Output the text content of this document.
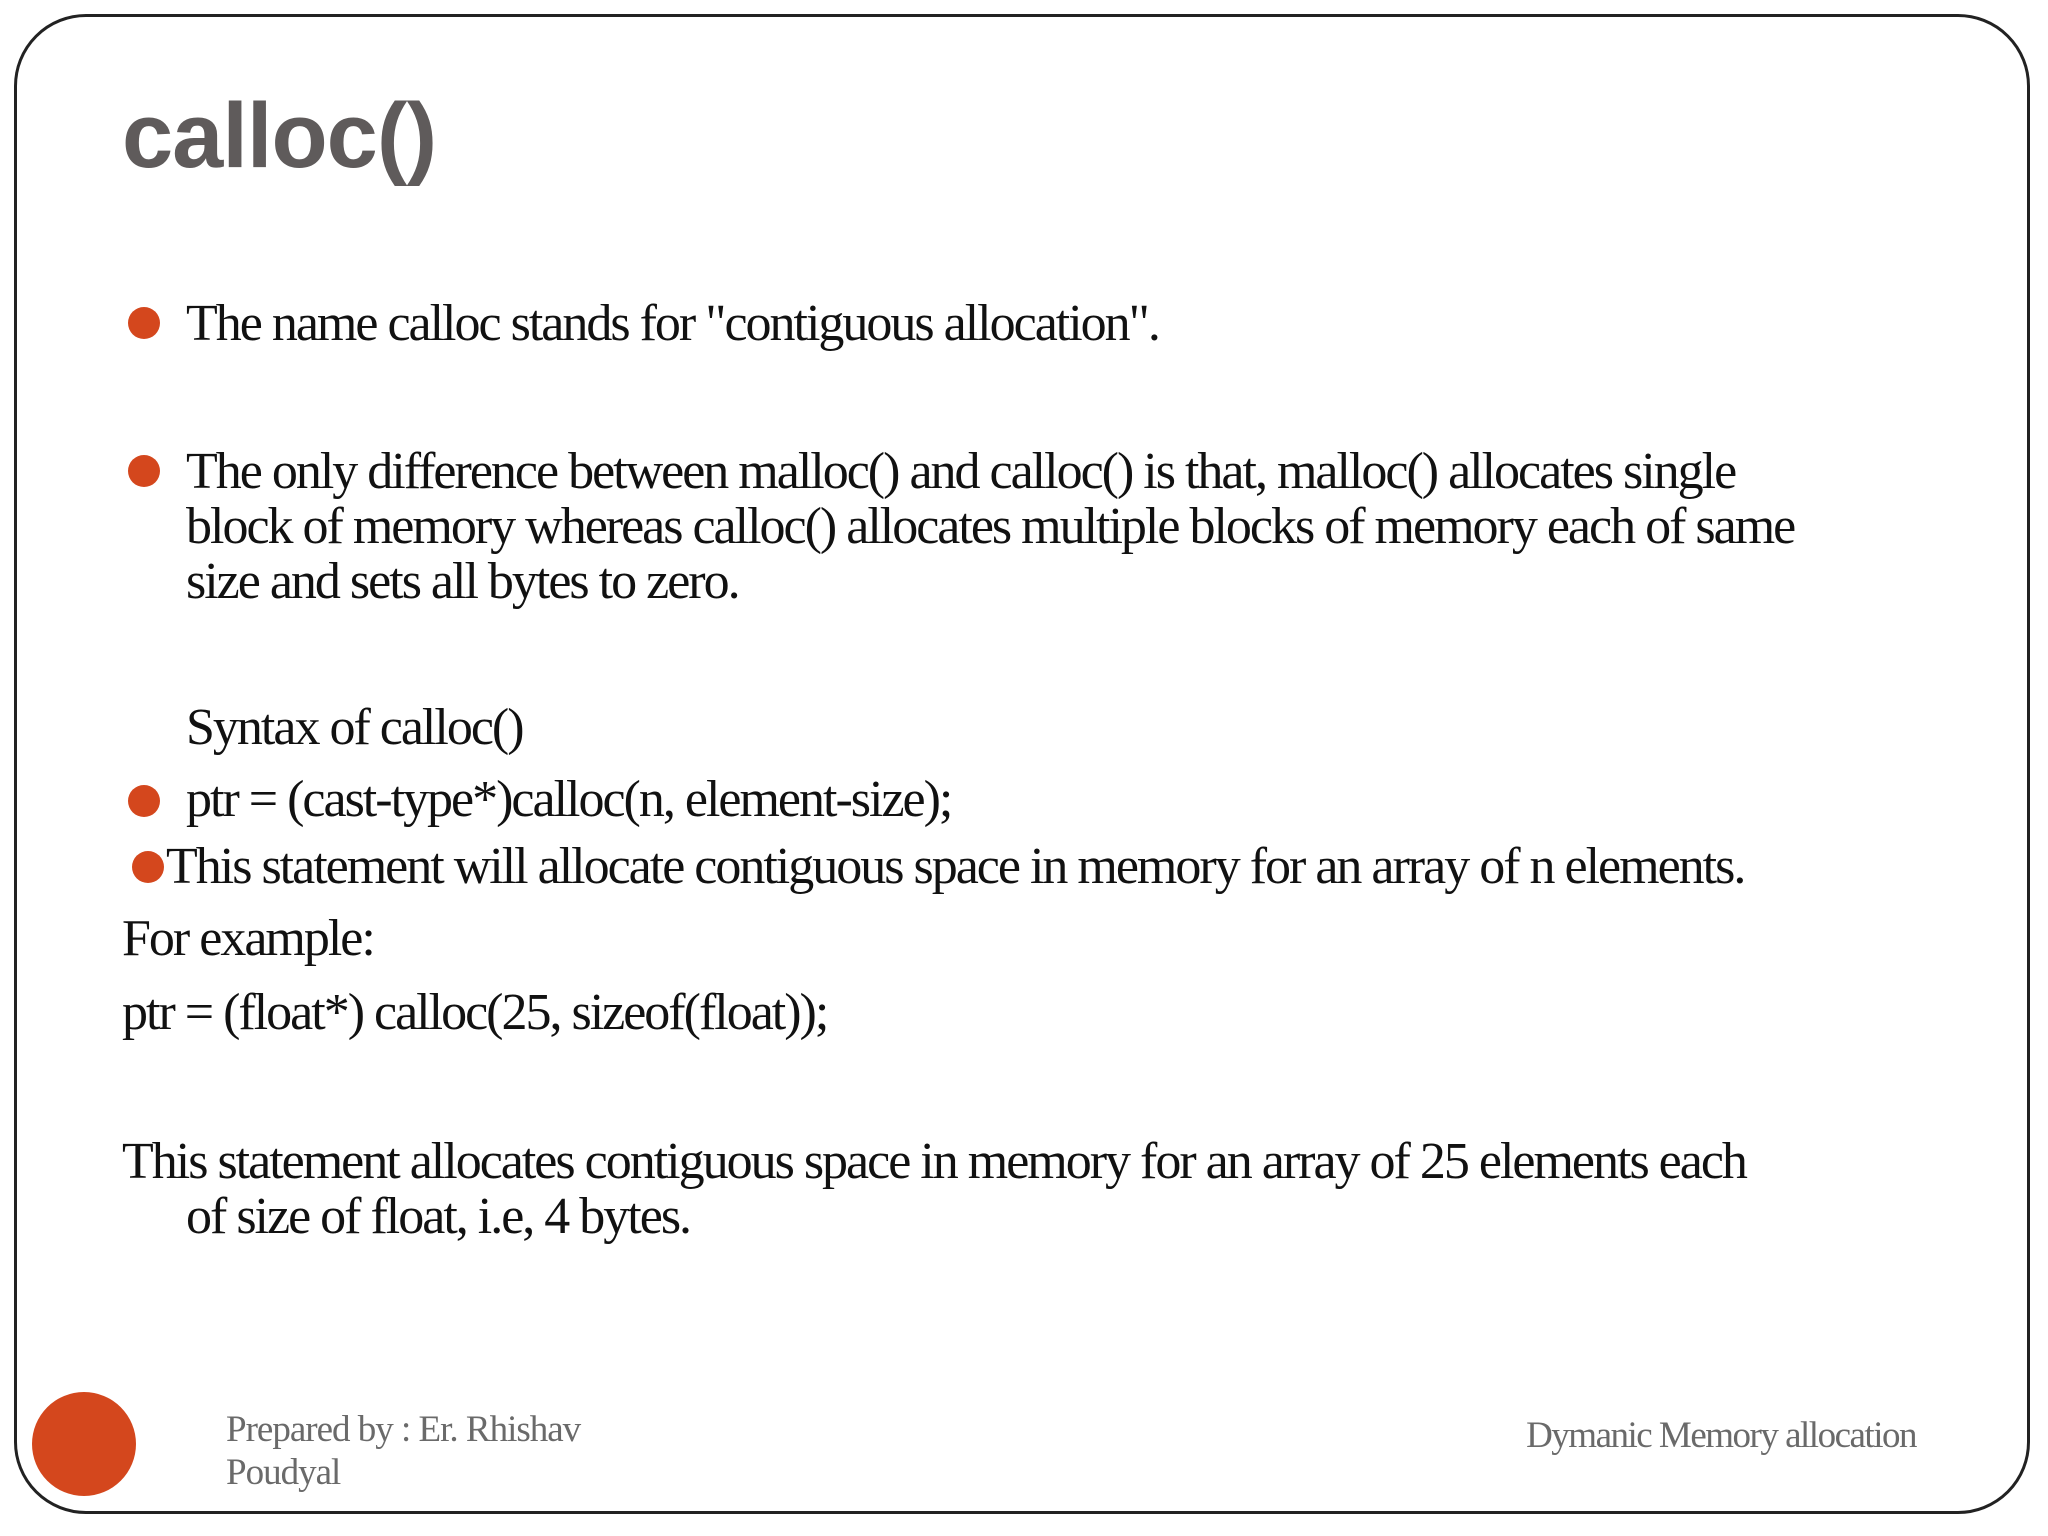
calloc()
The name calloc stands for "contiguous allocation".
The only difference between malloc() and calloc() is that, malloc() allocates single
block of memory whereas calloc() allocates multiple blocks of memory each of same
size and sets all bytes to zero.
Syntax of calloc()
ptr = (cast-type*)calloc(n, element-size);
This statement will allocate contiguous space in memory for an array of n elements.
For example:
ptr = (float*) calloc(25, sizeof(float));
This statement allocates contiguous space in memory for an array of 25 elements each
of size of float, i.e, 4 bytes.
Prepared by : Er. Rhishav
Poudyal
Dymanic Memory allocation
